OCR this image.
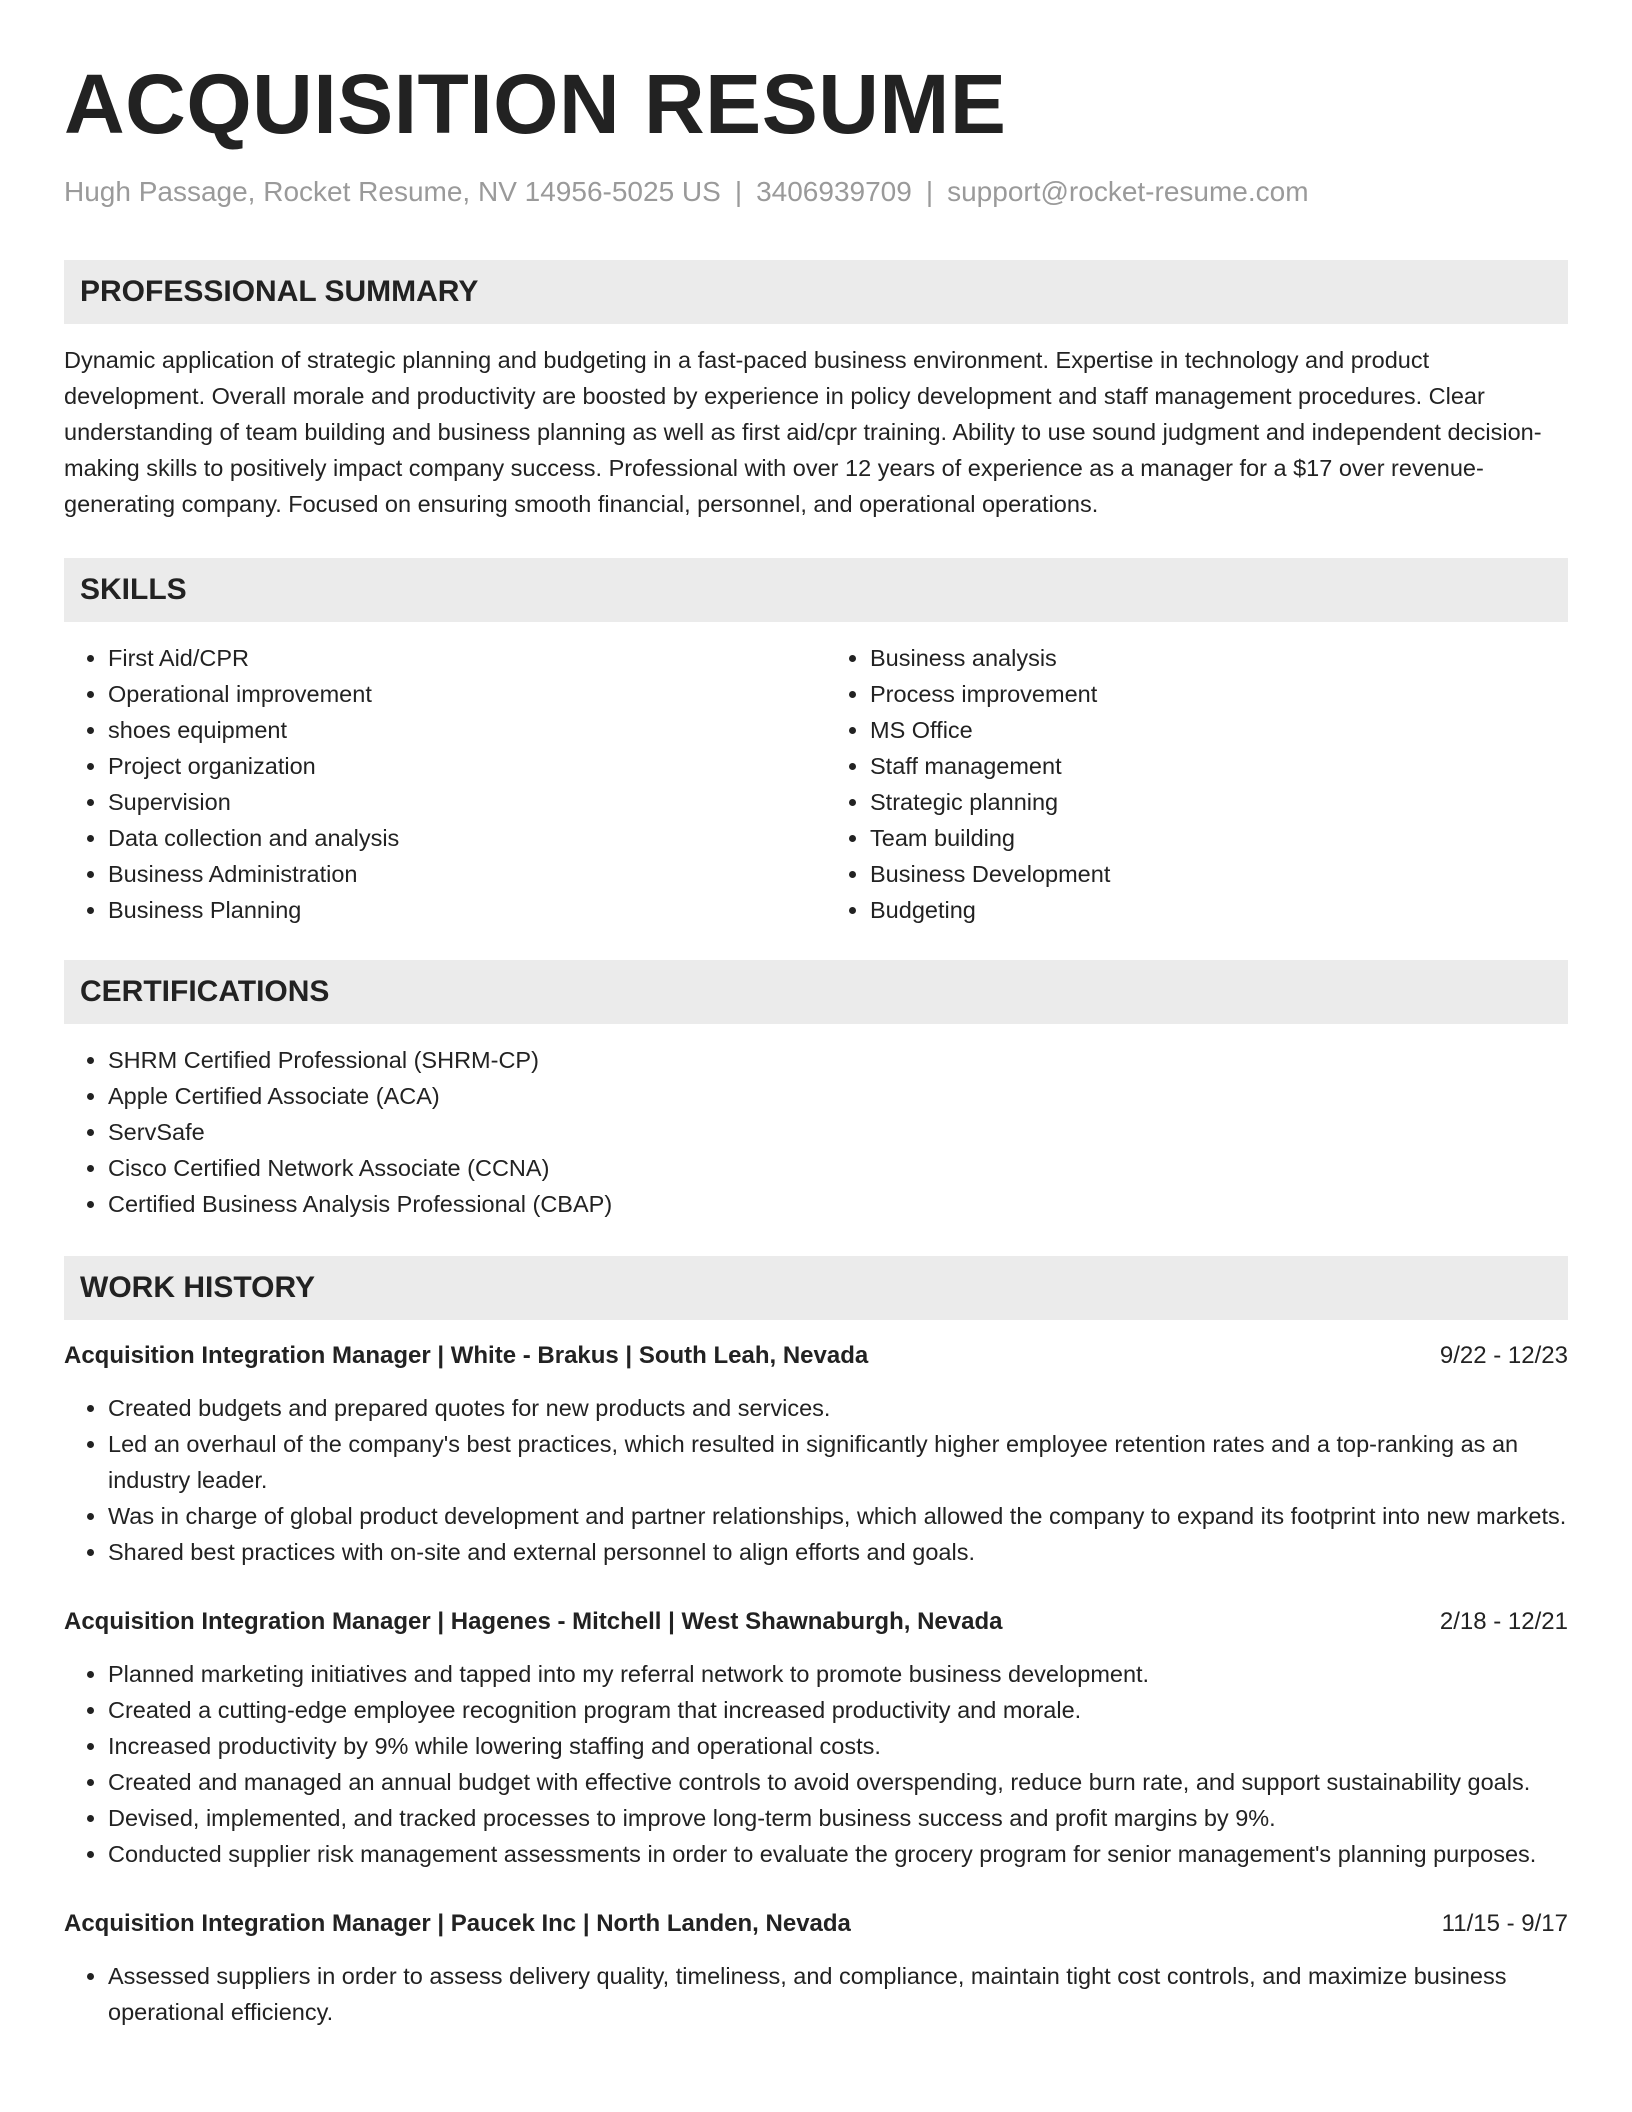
ACQUISITION RESUME
Hugh Passage, Rocket Resume, NV 14956-5025 US | 3406939709 | support@rocket-resume.com
PROFESSIONAL SUMMARY

Dynamic application of strategic planning and budgeting in a fast-paced business environment. Expertise in technology and product development. Overall morale and productivity are boosted by experience in policy development and staff management procedures. Clear understanding of team building and business planning as well as first aid/cpr training. Ability to use sound judgment and independent decision-making skills to positively impact company success. Professional with over 12 years of experience as a manager for a $17 over revenue-generating company. Focused on ensuring smooth financial, personnel, and operational operations.

SKILLS
• First Aid/CPR
• Operational improvement
• shoes equipment
• Project organization
• Supervision
• Data collection and analysis
• Business Administration
• Business Planning
• Business analysis
• Process improvement
• MS Office
• Staff management
• Strategic planning
• Team building
• Business Development
• Budgeting
CERTIFICATIONS
• SHRM Certified Professional (SHRM-CP)
• Apple Certified Associate (ACA)
• ServSafe
• Cisco Certified Network Associate (CCNA)
• Certified Business Analysis Professional (CBAP)
WORK HISTORY
Acquisition Integration Manager | White - Brakus | South Leah, Nevada	9/22 - 12/23
• Created budgets and prepared quotes for new products and services.
• Led an overhaul of the company's best practices, which resulted in significantly higher employee retention rates and a top-ranking as an industry leader.
• Was in charge of global product development and partner relationships, which allowed the company to expand its footprint into new markets.
• Shared best practices with on-site and external personnel to align efforts and goals.
Acquisition Integration Manager | Hagenes - Mitchell | West Shawnaburgh, Nevada	2/18 - 12/21
• Planned marketing initiatives and tapped into my referral network to promote business development.
• Created a cutting-edge employee recognition program that increased productivity and morale.
• Increased productivity by 9% while lowering staffing and operational costs.
• Created and managed an annual budget with effective controls to avoid overspending, reduce burn rate, and support sustainability goals.
• Devised, implemented, and tracked processes to improve long-term business success and profit margins by 9%.
• Conducted supplier risk management assessments in order to evaluate the grocery program for senior management's planning purposes.
Acquisition Integration Manager | Paucek Inc | North Landen, Nevada	11/15 - 9/17
• Assessed suppliers in order to assess delivery quality, timeliness, and compliance, maintain tight cost controls, and maximize business operational efficiency.
